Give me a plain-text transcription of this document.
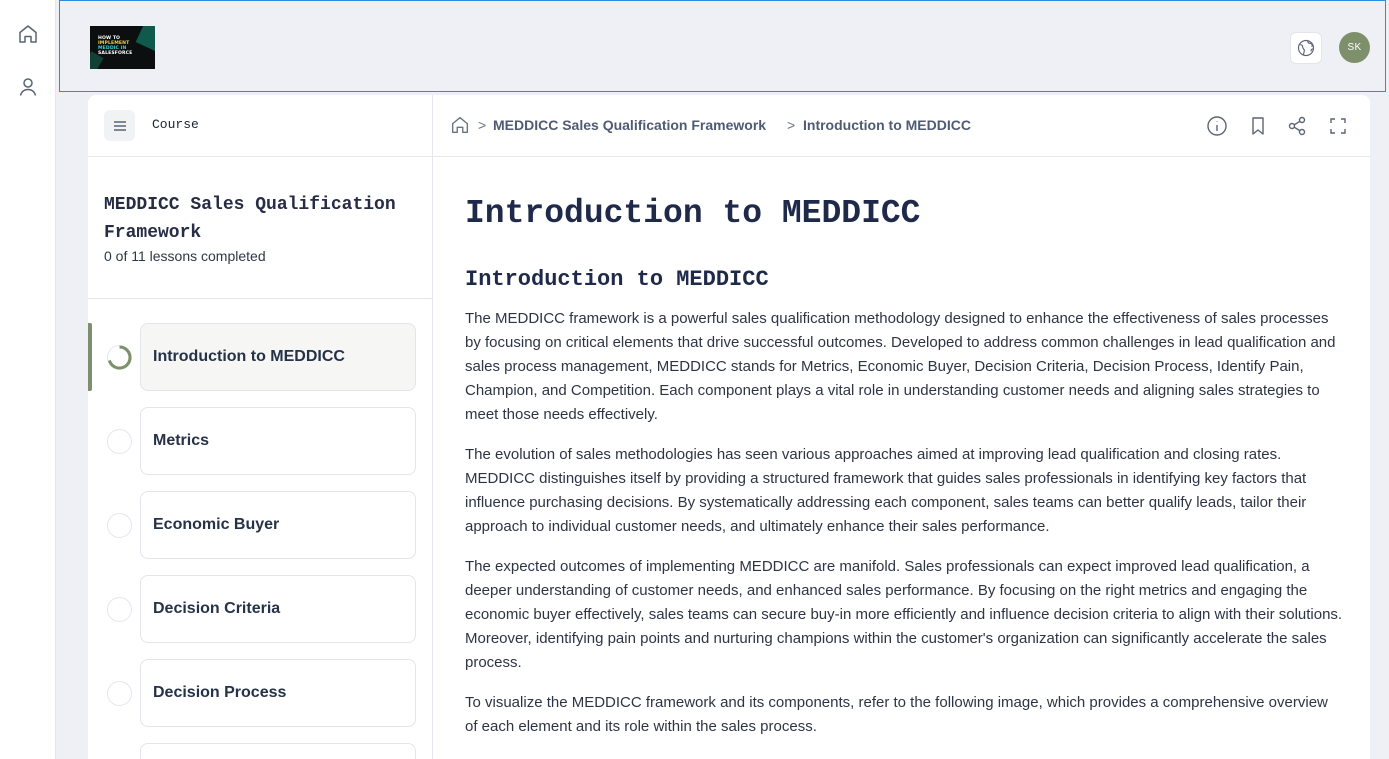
HOW TO
IMPLEMENT
MEDDIC IN
SALESFORCE
SK
Course
MEDDICC Sales Qualification Framework
0 of 11 lessons completed
Introduction to MEDDICC
Metrics
Economic Buyer
Decision Criteria
Decision Process
> MEDDICC Sales Qualification Framework > Introduction to MEDDICC
Introduction to MEDDICC
Introduction to MEDDICC

The MEDDICC framework is a powerful sales qualification methodology designed to enhance the effectiveness of sales processes by focusing on critical elements that drive successful outcomes. Developed to address common challenges in lead qualification and sales process management, MEDDICC stands for Metrics, Economic Buyer, Decision Criteria, Decision Process, Identify Pain, Champion, and Competition. Each component plays a vital role in understanding customer needs and aligning sales strategies to meet those needs effectively.

The evolution of sales methodologies has seen various approaches aimed at improving lead qualification and closing rates. MEDDICC distinguishes itself by providing a structured framework that guides sales professionals in identifying key factors that influence purchasing decisions. By systematically addressing each component, sales teams can better qualify leads, tailor their approach to individual customer needs, and ultimately enhance their sales performance.

The expected outcomes of implementing MEDDICC are manifold. Sales professionals can expect improved lead qualification, a deeper understanding of customer needs, and enhanced sales performance. By focusing on the right metrics and engaging the economic buyer effectively, sales teams can secure buy-in more efficiently and influence decision criteria to align with their solutions. Moreover, identifying pain points and nurturing champions within the customer's organization can significantly accelerate the sales process.

To visualize the MEDDICC framework and its components, refer to the following image, which provides a comprehensive overview of each element and its role within the sales process.
